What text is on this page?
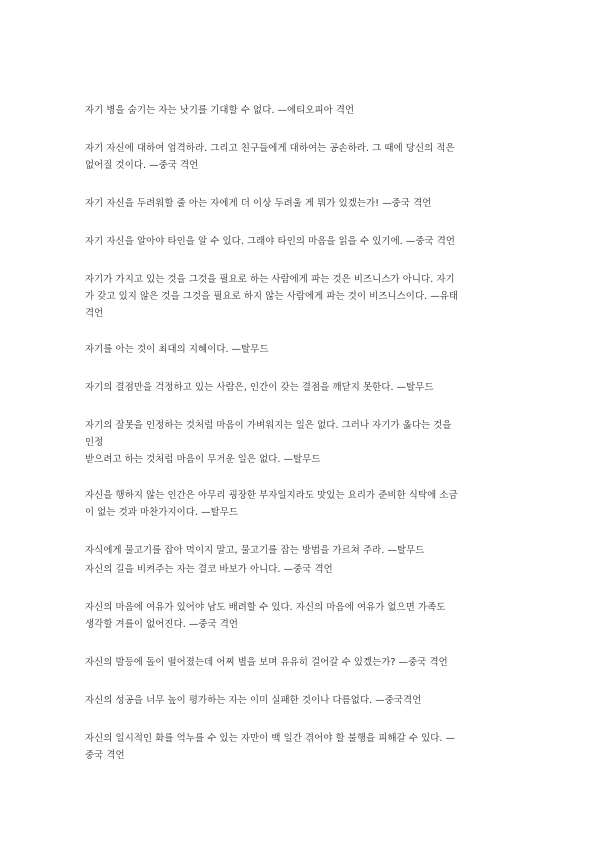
자기 병을 숨기는 자는 낫기를 기대할 수 없다. —에티오피아 격언

자기 자신에 대하여 엄격하라. 그리고 친구들에게 대하여는 공손하라. 그 때에 당신의 적은
없어질 것이다. —중국 격언

자기 자신을 두려워할 줄 아는 자에게 더 이상 두려울 게 뭐가 있겠는가! —중국 격언

자기 자신을 알아야 타인을 알 수 있다. 그래야 타인의 마음을 읽을 수 있기에. —중국 격언

자기가 가지고 있는 것을 그것을 필요로 하는 사람에게 파는 것은 비즈니스가 아니다. 자기
가 갖고 있지 않은 것을 그것을 필요로 하지 않는 사람에게 파는 것이 비즈니스이다. —유태
격언

자기를 아는 것이 최대의 지혜이다. —탈무드

자기의 결점만을 걱정하고 있는 사람은, 인간이 갖는 결점을 깨닫지 못한다. —탈무드

자기의 잘못을 인정하는 것처럼 마음이 가벼워지는 일은 없다. 그러나 자기가 옳다는 것을
인정
받으려고 하는 것처럼 마음이 무거운 일은 없다. —탈무드

자신을 행하지 않는 인간은 아무리 굉장한 부자일지라도 맛있는 요리가 준비한 식탁에 소금
이 없는 것과 마찬가지이다. —탈무드

자식에게 물고기를 잡아 먹이지 말고, 물고기를 잡는 방법을 가르쳐 주라. —탈무드

자신의 길을 비켜주는 자는 결코 바보가 아니다. —중국 격언

자신의 마음에 여유가 있어야 남도 배려할 수 있다. 자신의 마음에 여유가 없으면 가족도
생각할 겨를이 없어진다. —중국 격언

자신의 발등에 돌이 떨어졌는데 어찌 별을 보며 유유히 걸어갈 수 있겠는가? —중국 격언

자신의 성공을 너무 높이 평가하는 자는 이미 실패한 것이나 다름없다. —중국격언

자신의 일시적인 화를 억누를 수 있는 자만이 백 일간 겪어야 할 불행을 피해갈 수 있다. —
중국 격언
